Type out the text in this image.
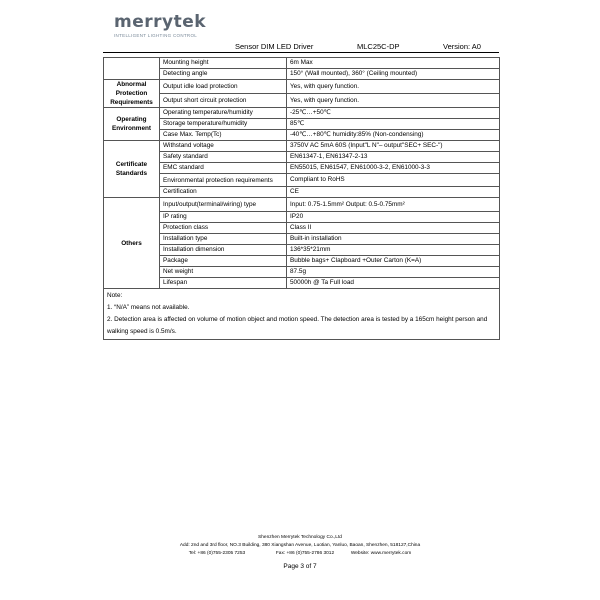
merrytek
INTELLIGENT LIGHTING CONTROL
Sensor DIM LED Driver	MLC25C-DP	Version: A0
	Mounting height	6m Max
	Detecting angle	150° (Wall mounted), 360° (Ceiling mounted)
Abnormal Protection Requirements	Output idle load protection	Yes, with query function.
	Output short circuit protection	Yes, with query function.
Operating Environment	Operating temperature/humidity	-25℃…+50℃
	Storage temperature/humidity	85℃
	Case Max. Temp(Tc)	-40℃…+80℃ humidity:85% (Non-condensing)
Certificate Standards	Withstand voltage	3750V AC 5mA 60S (Input"L N"– output"SEC+ SEC-")
	Safety standard	EN61347-1, EN61347-2-13
	EMC standard	EN55015, EN61547, EN61000-3-2, EN61000-3-3
	Environmental protection requirements	Compliant to RoHS
	Certification	CE
Others	Input/output(terminal/wiring) type	Input: 0.75-1.5mm² Output: 0.5-0.75mm²
	IP rating	IP20
	Protection class	Class II
	Installation type	Built-in installation
	Installation dimension	136*35*21mm
	Package	Bubble bags+ Clapboard +Outer Carton (K=A)
	Net weight	87.5g
	Lifespan	50000h @ Ta Full load

Note:
1. “N/A” means not available.
2. Detection area is affected on volume of motion object and motion speed. The detection area is tested by a 165cm height person and walking speed is 0.5m/s.		
Shenzhen Merrytek Technology Co.,Ltd
Add: 2nd and 3rd floor, NO.3 Building, 380 Xiangshan Avenue, Luotian, Yanluo, Baoan, Shenzhen, 518127,China
Tel: +86 (0)755-2305 7253	Fax: +86 (0)755-2786 3012	Website: www.merrytek.com
Page 3 of 7
